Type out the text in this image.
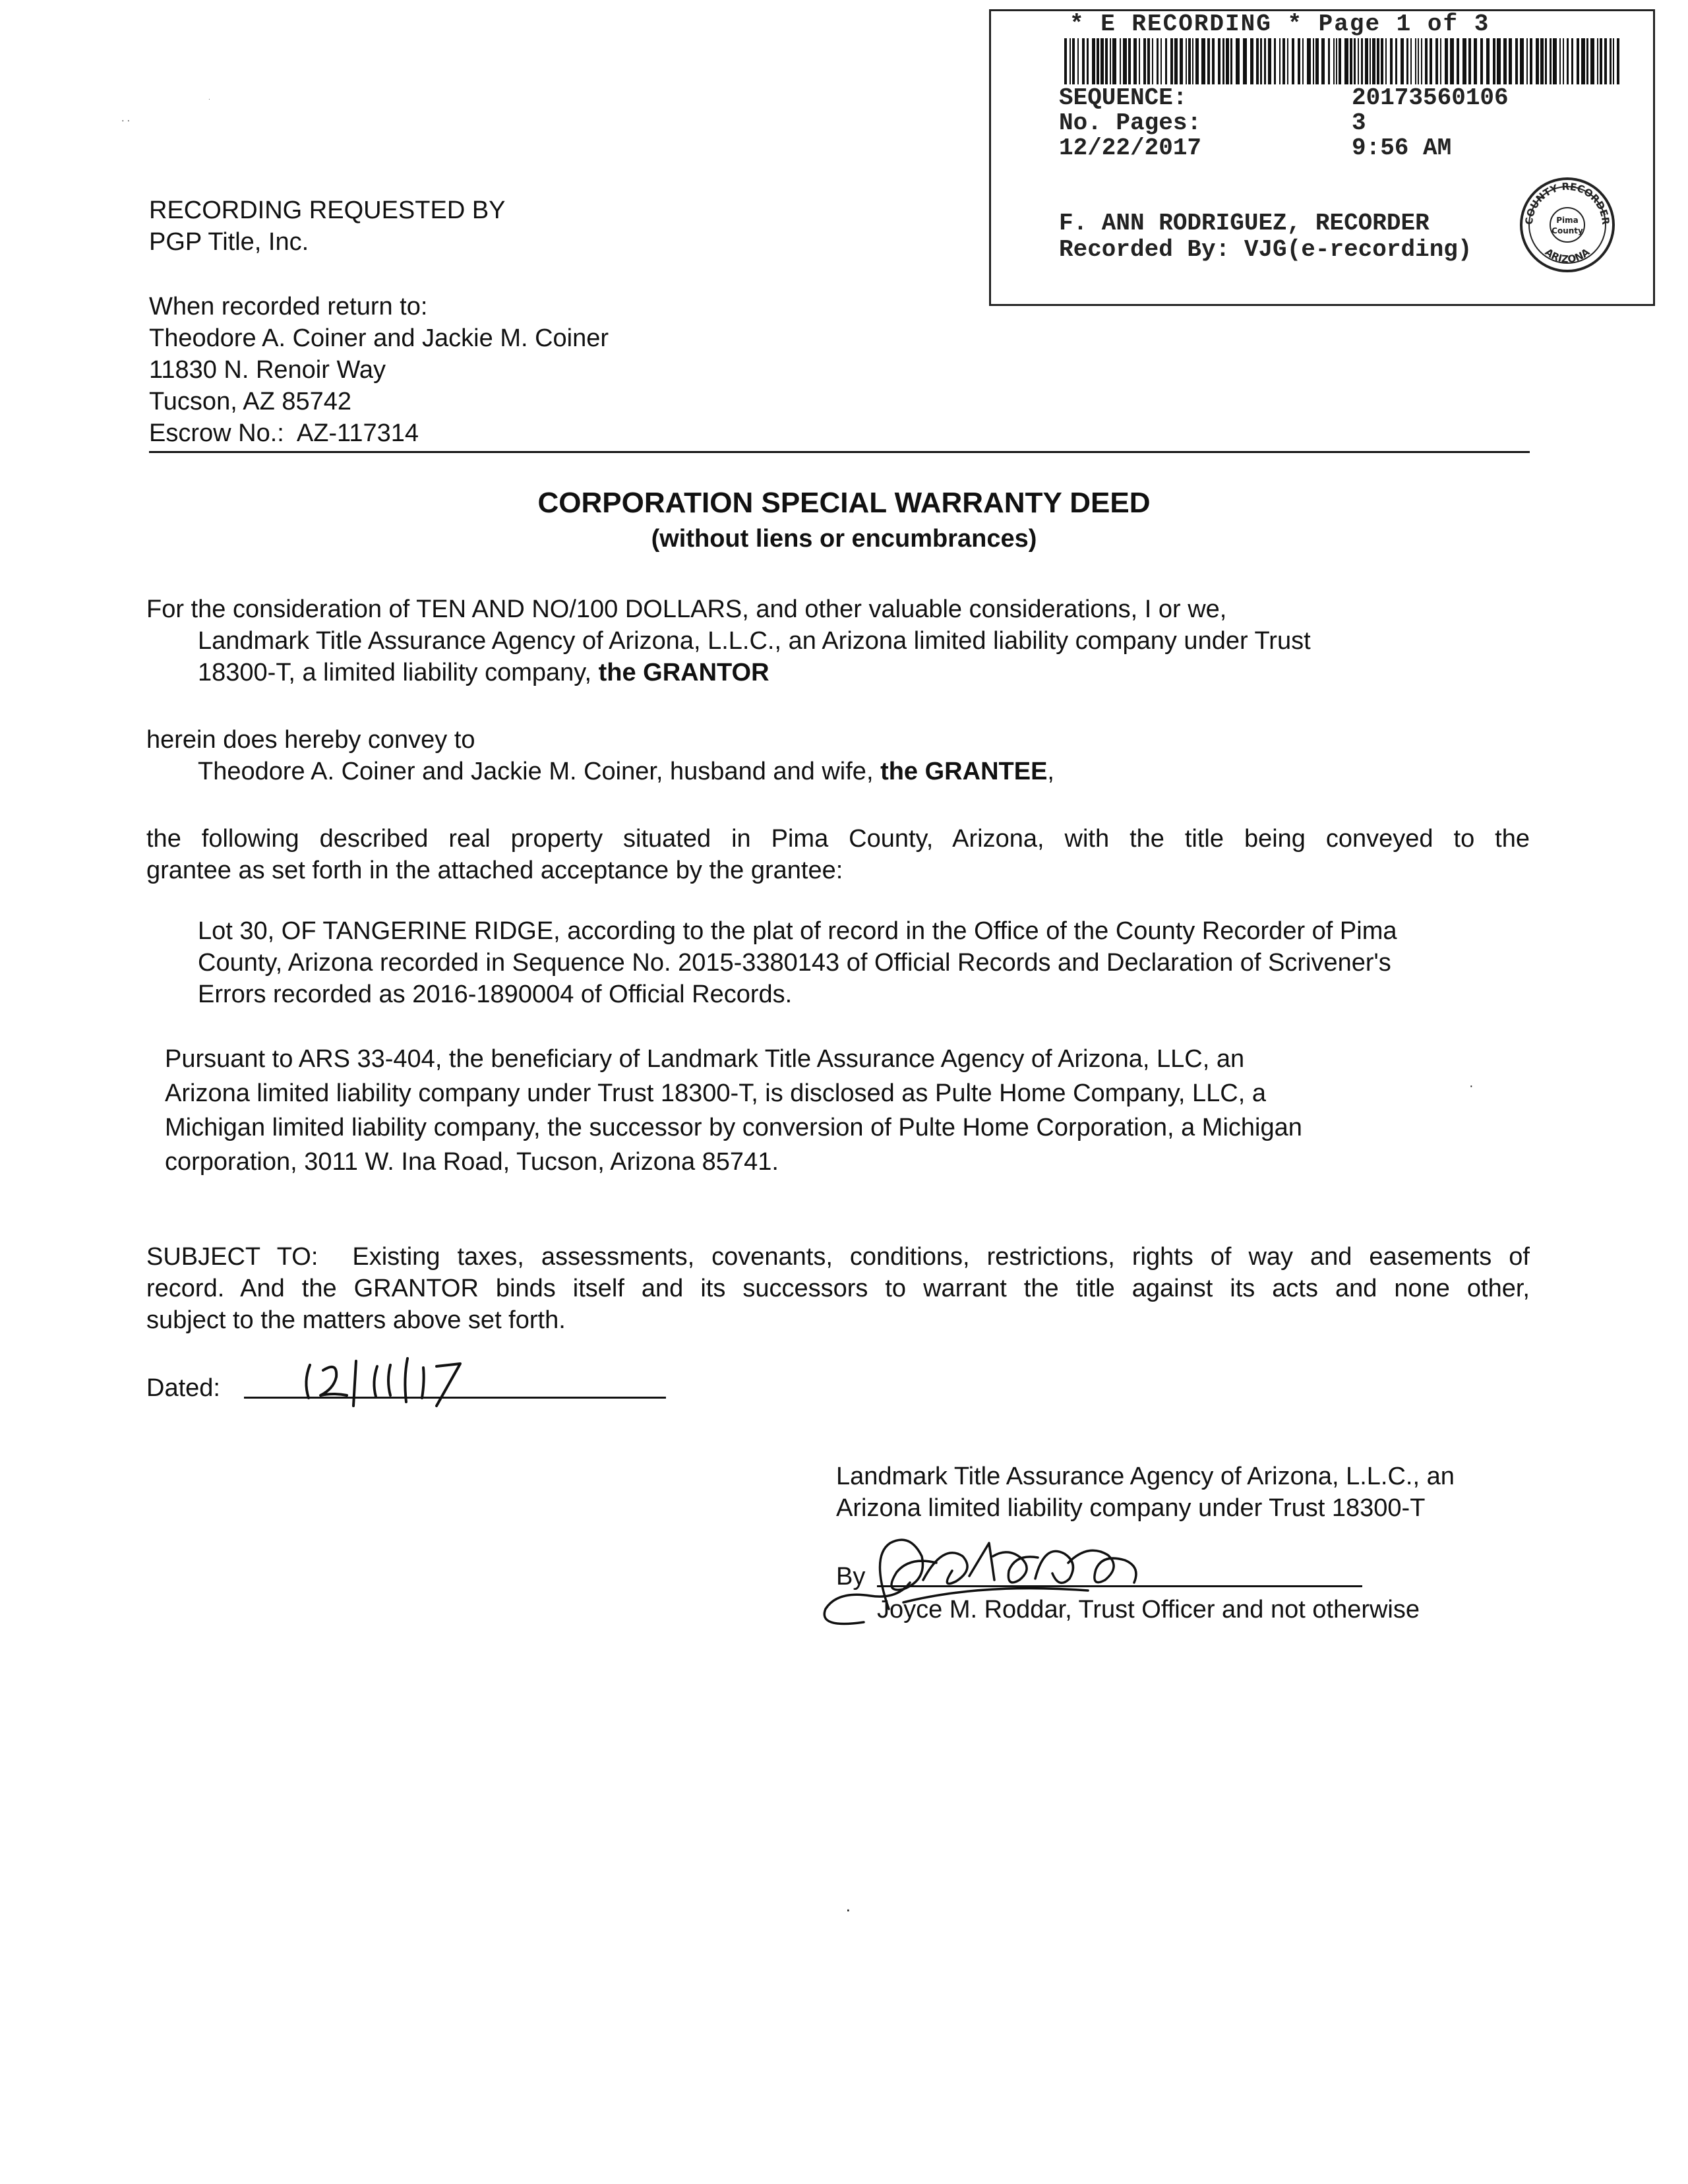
* E RECORDING * Page 1 of 3
SEQUENCE:	20173560106
No. Pages:	3
12/22/2017	9:56 AM
F. ANN RODRIGUEZ, RECORDER
Recorded By: VJG(e-recording)
COUNTY RECORDER
ARIZONA
Pima
County
·
· ·
RECORDING REQUESTED BY
PGP Title, Inc.
When recorded return to:
Theodore A. Coiner and Jackie M. Coiner
11830 N. Renoir Way
Tucson, AZ 85742
Escrow No.:  AZ-117314
CORPORATION SPECIAL WARRANTY DEED
(without liens or encumbrances)
For the consideration of TEN AND NO/100 DOLLARS, and other valuable considerations, I or we,
Landmark Title Assurance Agency of Arizona, L.L.C., an Arizona limited liability company under Trust
18300-T, a limited liability company, the GRANTOR
herein does hereby convey to
Theodore A. Coiner and Jackie M. Coiner, husband and wife, the GRANTEE,
the following described real property situated in Pima County, Arizona, with the title being conveyed to the
grantee as set forth in the attached acceptance by the grantee:
Lot 30, OF TANGERINE RIDGE, according to the plat of record in the Office of the County Recorder of Pima
County, Arizona recorded in Sequence No. 2015-3380143 of Official Records and Declaration of Scrivener's
Errors recorded as 2016-1890004 of Official Records.
Pursuant to ARS 33-404, the beneficiary of Landmark Title Assurance Agency of Arizona, LLC, an
Arizona limited liability company under Trust 18300-T, is disclosed as Pulte Home Company, LLC, a
Michigan limited liability company, the successor by conversion of Pulte Home Corporation, a Michigan
corporation, 3011 W. Ina Road, Tucson, Arizona 85741.
·
SUBJECT TO:  Existing taxes, assessments, covenants, conditions, restrictions, rights of way and easements of
record. And the GRANTOR binds itself and its successors to warrant the title against its acts and none other,
subject to the matters above set forth.
Dated:
Landmark Title Assurance Agency of Arizona, L.L.C., an
Arizona limited liability company under Trust 18300-T
By
Joyce M. Roddar, Trust Officer and not otherwise
·
